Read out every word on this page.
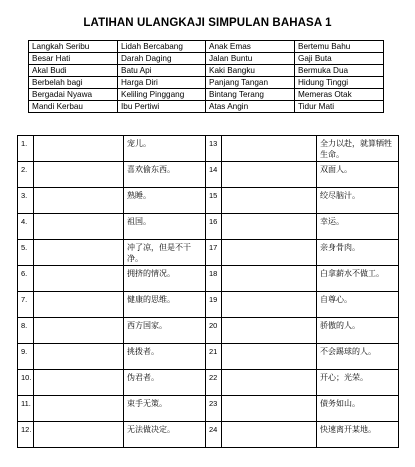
LATIHAN ULANGKAJI SIMPULAN BAHASA 1
Langkah Seribu	Lidah Bercabang	Anak Emas	Bertemu Bahu
Besar Hati	Darah Daging	Jalan Buntu	Gaji Buta
Akal Budi	Batu Api	Kaki Bangku	Bermuka Dua
Berbelah bagi	Harga Diri	Panjang Tangan	Hidung Tinggi
Bergadai Nyawa	Keliling Pinggang	Bintang Terang	Memeras Otak
Mandi Kerbau	Ibu Pertiwi	Atas Angin	Tidur Mati
1.		宠儿。	13		全力以赴，就算牺牲生命。
2.		喜欢偷东西。	14		双面人。
3.		熟睡。	15		绞尽脑汁。
4.		祖国。	16		幸运。
5.		冲了凉，但是不干净。	17		亲身骨肉。
6.		拥挤的情况。	18		白拿薪水不做工。
7.		健康的思维。	19		自尊心。
8.		西方国家。	20		骄傲的人。
9.		挑拨者。	21		不会踢球的人。
10.		伪君者。	22		开心；光荣。
11.		束手无策。	23		债务如山。
12.		无法做决定。	24		快速离开某地。
